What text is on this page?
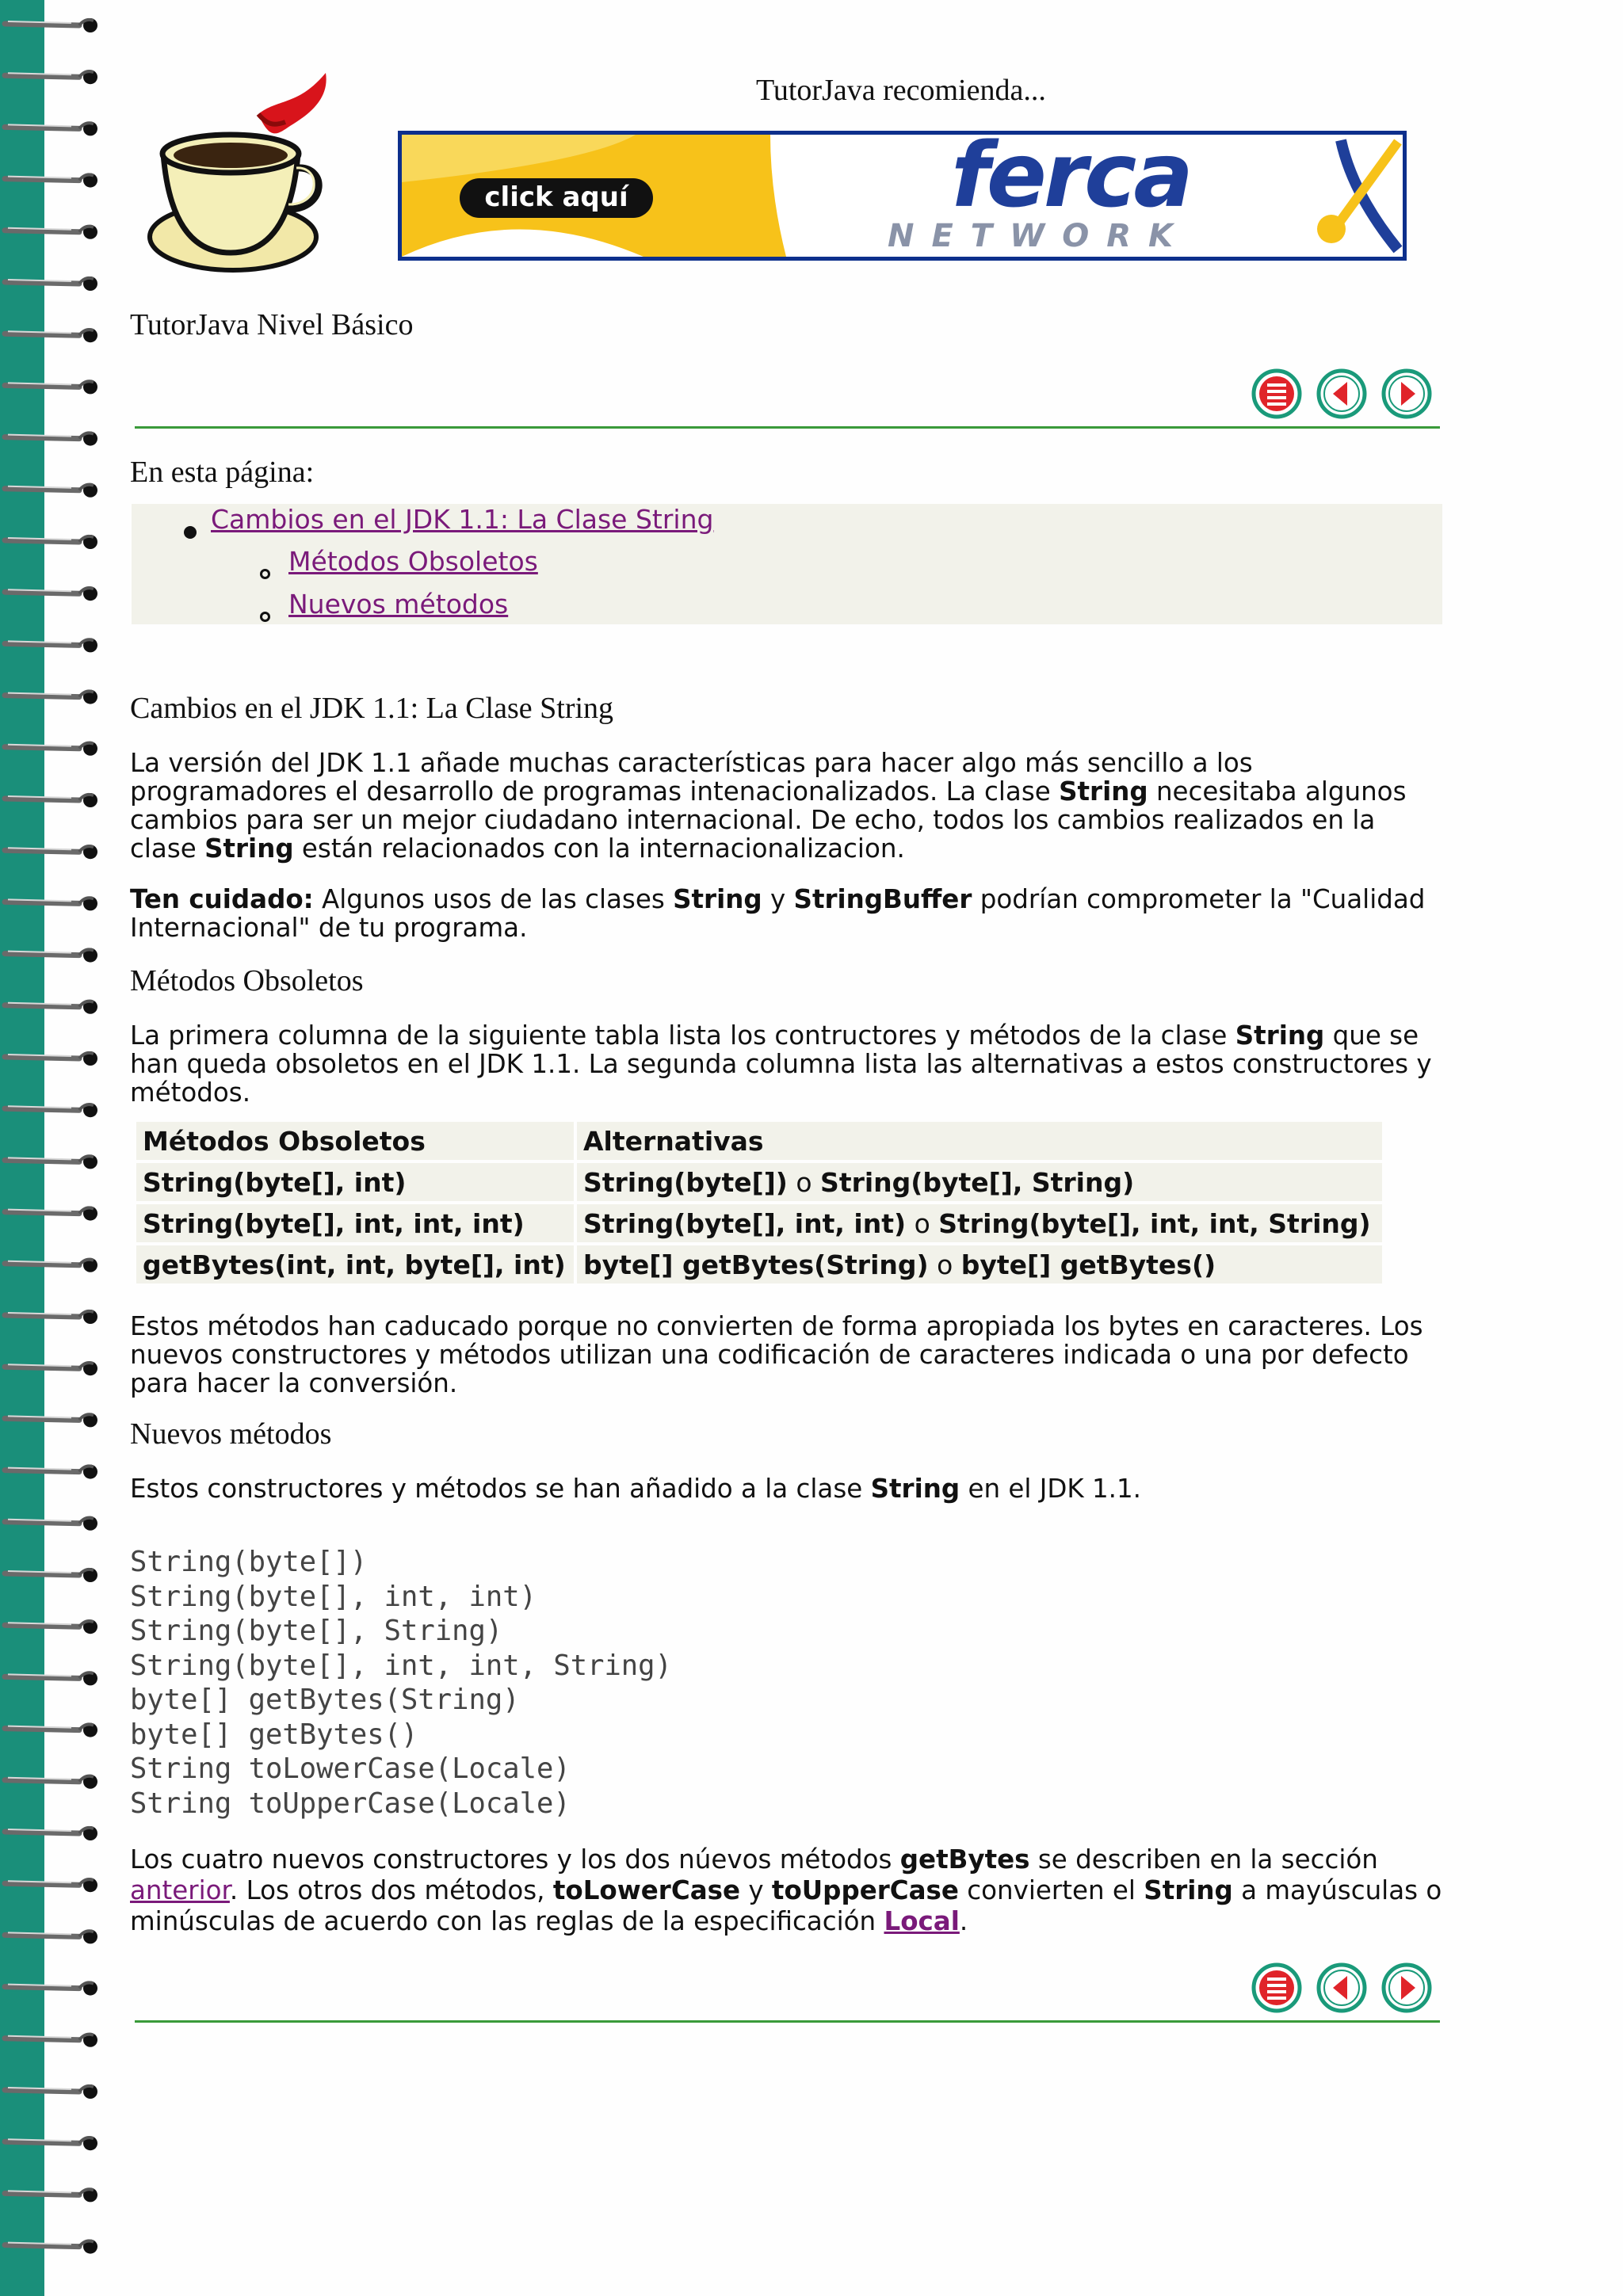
TutorJava recomienda...
click aquí	ferca
NETWORK
TutorJava Nivel Básico
En esta página:
Cambios en el JDK 1.1: La Clase String
Métodos Obsoletos
Nuevos métodos
Cambios en el JDK 1.1: La Clase String

La versión del JDK 1.1 añade muchas características para hacer algo más sencillo a los programadores el desarrollo de programas intenacionalizados. La clase String necesitaba algunos cambios para ser un mejor ciudadano internacional. De echo, todos los cambios realizados en la clase String están relacionados con la internacionalizacion.

Ten cuidado: Algunos usos de las clases String y StringBuffer podrían comprometer la "Cualidad Internacional" de tu programa.

Métodos Obsoletos

La primera columna de la siguiente tabla lista los contructores y métodos de la clase String que se han queda obsoletos en el JDK 1.1. La segunda columna lista las alternativas a estos constructores y métodos.

Métodos Obsoletos	Alternativas
String(byte[], int)	String(byte[]) o String(byte[], String)
String(byte[], int, int, int)	String(byte[], int, int) o String(byte[], int, int, String)
getBytes(int, int, byte[], int)	byte[] getBytes(String) o byte[] getBytes()

Estos métodos han caducado porque no convierten de forma apropiada los bytes en caracteres. Los nuevos constructores y métodos utilizan una codificación de caracteres indicada o una por defecto para hacer la conversión.

Nuevos métodos

Estos constructores y métodos se han añadido a la clase String en el JDK 1.1.

String(byte[])
String(byte[], int, int)
String(byte[], String)
String(byte[], int, int, String)
byte[] getBytes(String)
byte[] getBytes()
String toLowerCase(Locale)
String toUpperCase(Locale)

Los cuatro nuevos constructores y los dos núevos métodos getBytes se describen en la sección anterior. Los otros dos métodos, toLowerCase y toUpperCase convierten el String a mayúsculas o minúsculas de acuerdo con las reglas de la especificación Local.
